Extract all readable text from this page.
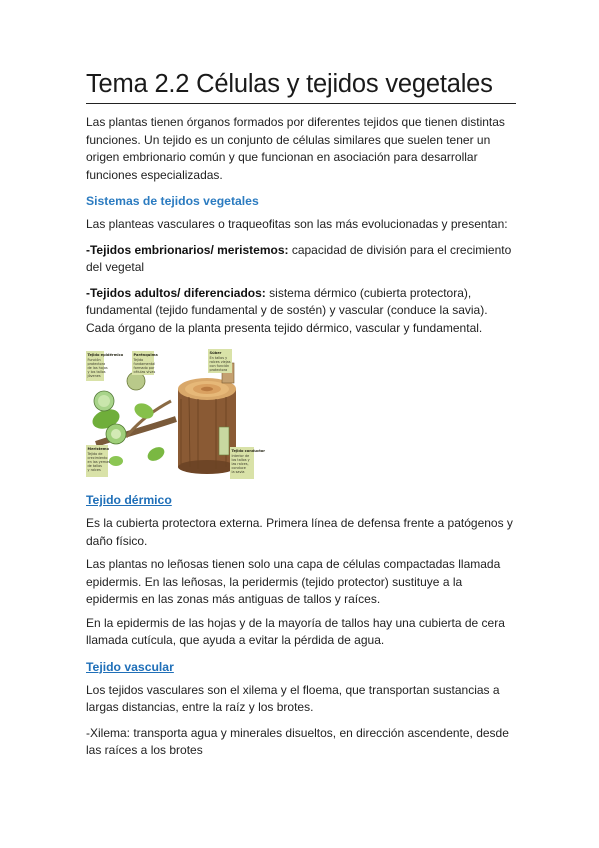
Tema 2.2 Células y tejidos vegetales

Las plantas tienen órganos formados por diferentes tejidos que tienen distintas funciones. Un tejido es un conjunto de células similares que suelen tener un origen embrionario común y que funcionan en asociación para desarrollar funciones especializadas.

Sistemas de tejidos vegetales

Las planteas vasculares o traqueofitas son las más evolucionadas y presentan:

-Tejidos embrionarios/ meristemos: capacidad de división para el crecimiento del vegetal

-Tejidos adultos/ diferenciados: sistema dérmico (cubierta protectora), fundamental (tejido fundamental y de sostén) y vascular (conduce la savia). Cada órgano de la planta presenta tejido dérmico, vascular y fundamental.

Tejido epidérmico
Función
protectora
de las hojas
y los tallos
jóvenes
Parénquima
Tejido
fundamental
formado por
células vivas
Súber
En tallos y
raíces viejas
con función
protectora
Meristemo
Tejido de
crecimiento
en las yemas
de tallos
y raíces
Tejido conductor
Interior de
los tallos y
las raíces,
conduce
la savia
Tejido dérmico

Es la cubierta protectora externa. Primera línea de defensa frente a patógenos y daño físico.

Las plantas no leñosas tienen solo una capa de células compactadas llamada epidermis. En las leñosas, la peridermis (tejido protector) sustituye a la epidermis en las zonas más antiguas de tallos y raíces.

En la epidermis de las hojas y de la mayoría de tallos hay una cubierta de cera llamada cutícula, que ayuda a evitar la pérdida de agua.

Tejido vascular

Los tejidos vasculares son el xilema y el floema, que transportan sustancias a largas distancias, entre la raíz y los brotes.

-Xilema: transporta agua y minerales disueltos, en dirección ascendente, desde las raíces a los brotes
